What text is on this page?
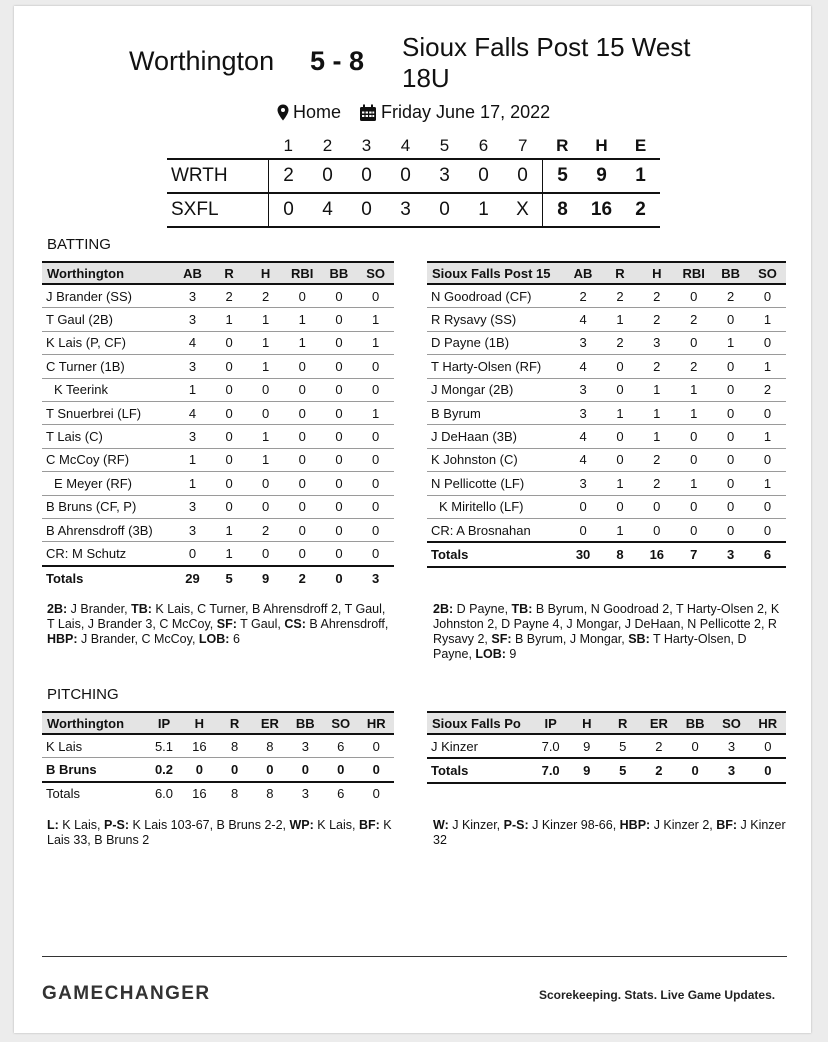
Worthington 5 - 8 Sioux Falls Post 15 West 18U
Home Friday June 17, 2022
	1	2	3	4	5	6	7	R	H	E
WRTH	2	0	0	0	3	0	0	5	9	1
SXFL	0	4	0	3	0	1	X	8	16	2
BATTING
Worthington	AB	R	H	RBI	BB	SO
J Brander (SS)	3	2	2	0	0	0
T Gaul (2B)	3	1	1	1	0	1
K Lais (P, CF)	4	0	1	1	0	1
C Turner (1B)	3	0	1	0	0	0
K Teerink	1	0	0	0	0	0
T Snuerbrei (LF)	4	0	0	0	0	1
T Lais (C)	3	0	1	0	0	0
C McCoy (RF)	1	0	1	0	0	0
E Meyer (RF)	1	0	0	0	0	0
B Bruns (CF, P)	3	0	0	0	0	0
B Ahrensdroff (3B)	3	1	2	0	0	0
CR: M Schutz	0	1	0	0	0	0
Totals	29	5	9	2	0	3
Sioux Falls Post 15	AB	R	H	RBI	BB	SO
N Goodroad (CF)	2	2	2	0	2	0
R Rysavy (SS)	4	1	2	2	0	1
D Payne (1B)	3	2	3	0	1	0
T Harty-Olsen (RF)	4	0	2	2	0	1
J Mongar (2B)	3	0	1	1	0	2
B Byrum	3	1	1	1	0	0
J DeHaan (3B)	4	0	1	0	0	1
K Johnston (C)	4	0	2	0	0	0
N Pellicotte (LF)	3	1	2	1	0	1
K Miritello (LF)	0	0	0	0	0	0
CR: A Brosnahan	0	1	0	0	0	0
Totals	30	8	16	7	3	6
2B: J Brander, TB: K Lais, C Turner, B Ahrensdroff 2, T Gaul, T Lais, J Brander 3, C McCoy, SF: T Gaul, CS: B Ahrensdroff, HBP: J Brander, C McCoy, LOB: 6
2B: D Payne, TB: B Byrum, N Goodroad 2, T Harty-Olsen 2, K Johnston 2, D Payne 4, J Mongar, J DeHaan, N Pellicotte 2, R Rysavy 2, SF: B Byrum, J Mongar, SB: T Harty-Olsen, D Payne, LOB: 9
PITCHING
Worthington	IP	H	R	ER	BB	SO	HR
K Lais	5.1	16	8	8	3	6	0
B Bruns	0.2	0	0	0	0	0	0
Totals	6.0	16	8	8	3	6	0
Sioux Falls Po	IP	H	R	ER	BB	SO	HR
J Kinzer	7.0	9	5	2	0	3	0
Totals	7.0	9	5	2	0	3	0
L: K Lais, P-S: K Lais 103-67, B Bruns 2-2, WP: K Lais, BF: K Lais 33, B Bruns 2
W: J Kinzer, P-S: J Kinzer 98-66, HBP: J Kinzer 2, BF: J Kinzer 32
GAMECHANGER	Scorekeeping. Stats. Live Game Updates.
